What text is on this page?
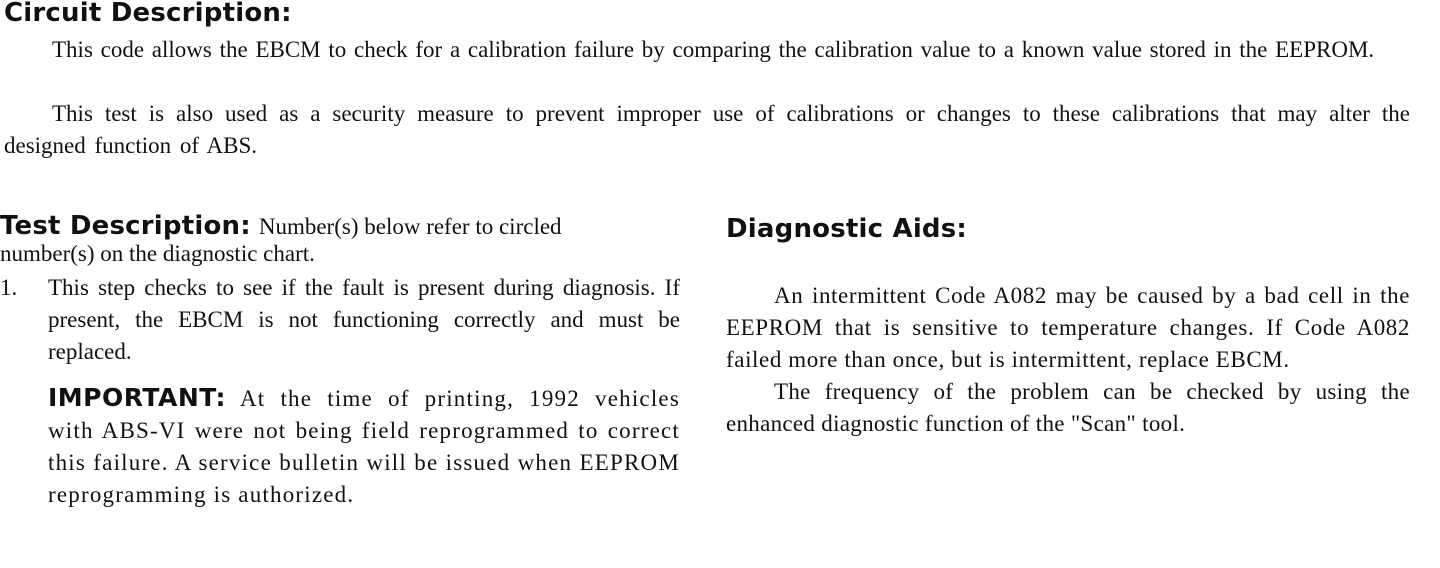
Circuit Description:
This code allows the EBCM to check for a calibration failure by comparing the calibration value to a known value stored in the EEPROM.
This test is also used as a security measure to prevent improper use of calibrations or changes to these calibrations that may alter the designed function of ABS.
Test Description: Number(s) below refer to circled
number(s) on the diagnostic chart.
1.	This step checks to see if the fault is present during diagnosis. If present, the EBCM is not functioning correctly and must be replaced.
IMPORTANT: At the time of printing, 1992 vehicles with ABS-VI were not being field reprogrammed to correct this failure. A service bulletin will be issued when EEPROM reprogramming is authorized.
Diagnostic Aids:
An intermittent Code A082 may be caused by a bad cell in the EEPROM that is sensitive to temperature changes. If Code A082 failed more than once, but is intermittent, replace EBCM.
The frequency of the problem can be checked by using the enhanced diagnostic function of the "Scan" tool.
